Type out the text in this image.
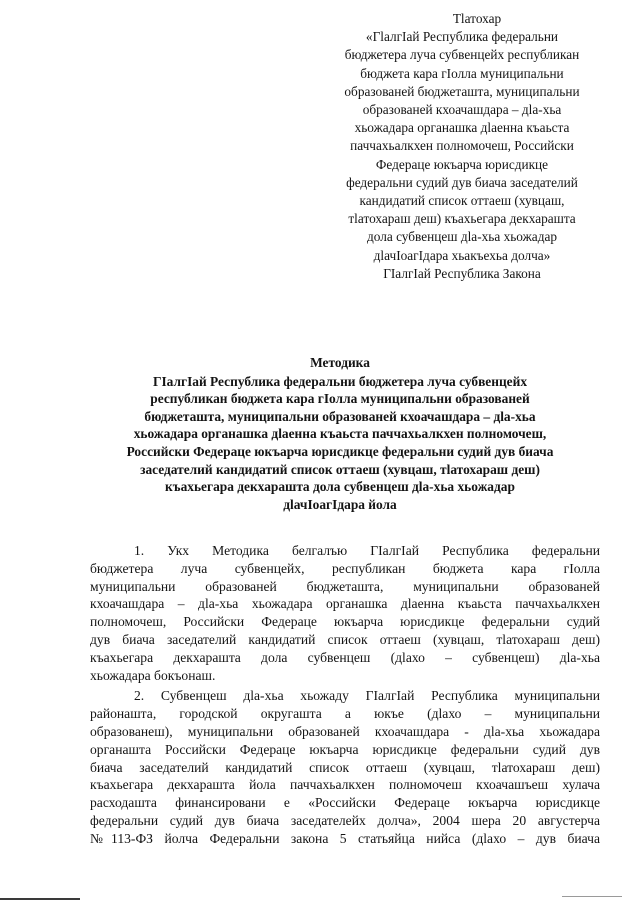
Тlатохар
«ГlалгIай Республика федеральни
бюджетера луча субвенцейх республикан
бюджета кара гIолла муниципальни
образованей бюджеташта, муниципальни
образованей кхоачашдара – дlа-хьа
хьожадара органашка дlаенна къаьста
паччахьалкхен полномочеш, Российски
Федераце юкъарча юрисдикце
федеральни судий дув биача заседателий
кандидатий список оттаеш (хувцаш,
тlатохараш деш) къахьегара декхараштa
дола субвенцеш дlа-хьа хьожадар
дlачIоагIдара хьакъехьа долча»
ГIалгIай Республика Закона
Методика
ГIалгIай Республика федеральни бюджетера луча субвенцейх
республикан бюджета кара гIолла муниципальни образованей
бюджеташта, муниципальни образованей кхоачашдара – дlа-хьа
хьожадара органашка дlаенна къаьста паччахьалкхен полномочеш,
Российски Федераце юкъарча юрисдикце федеральни судий дув биача
заседателий кандидатий список оттаеш (хувцаш, тlатохараш деш)
къахьегара декхараштa дола субвенцеш дlа-хьа хьожадар
дlачIоагIдара йола
1. Укх Методика белгалъю ГIалгIай Республика федеральни
бюджетера луча субвенцейх, республикан бюджета кара гIолла
муниципальни образованей бюджеташта, муниципальни образованей
кхоачашдара – дlа-хьа хьожадара органашка дlаенна къаьста паччахьалкхен
полномочеш, Российски Федераце юкъарча юрисдикце федеральни судий
дув биача заседателий кандидатий список оттаеш (хувцаш, тlатохараш деш)
къахьегара декхараштa дола субвенцеш (дlахо – субвенцеш) дlа-хьа
хьожадара бокъонаш.
2. Субвенцеш дlа-хьа хьожаду ГIалгIай Республика муниципальни
районашта, городской округашта а юкъе (дlахо – муниципальни
образованеш), муниципальни образованей кхоачашдара - дlа-хьа хьожадара
органашта Российски Федераце юкъарча юрисдикце федеральни судий дув
биача заседателий кандидатий список оттаеш (хувцаш, тlатохараш деш)
къахьегара декхараштa йола паччахьалкхен полномочеш кхоачашъеш хулача
расходашта финансировани е «Российски Федераце юкъарча юрисдикце
федеральни судий дув биача заседателейх долча», 2004 шера 20 августерча
№113-ФЗ йолча Федеральни закона 5 статьяйца нийса (дlахо – дув биача
